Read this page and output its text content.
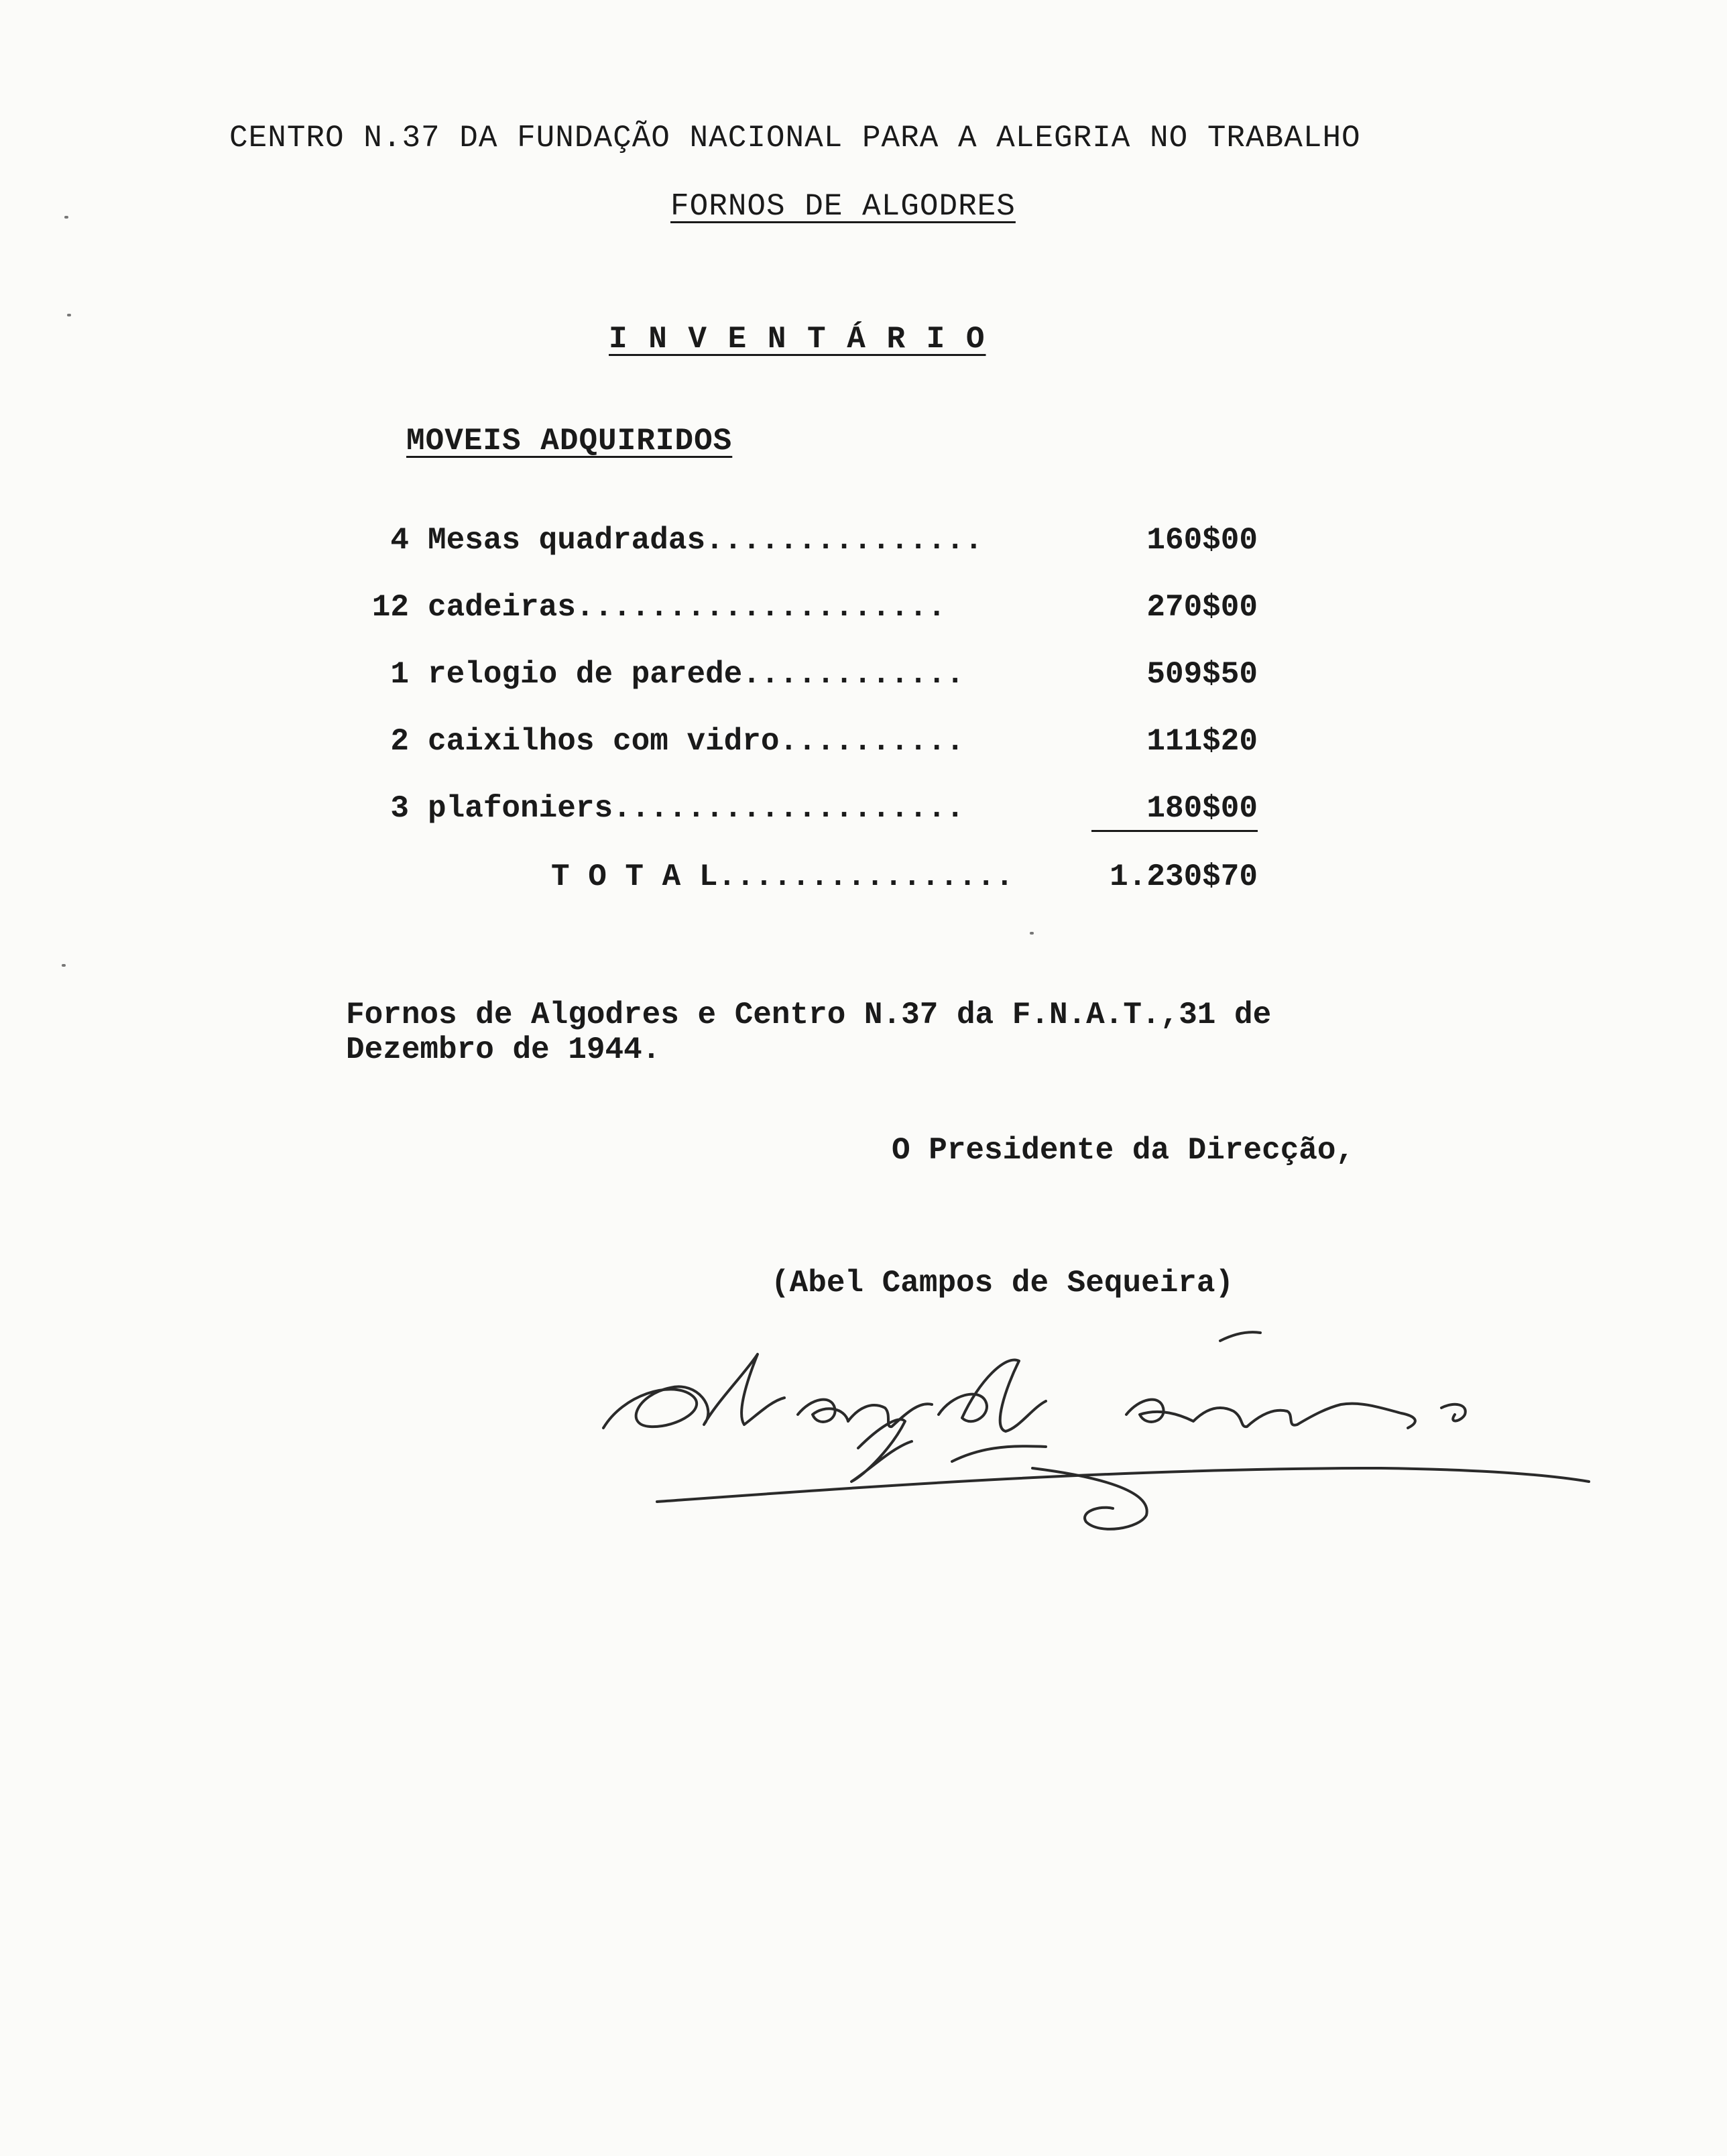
CENTRO N.37 DA FUNDAÇÃO NACIONAL PARA A ALEGRIA NO TRABALHO
FORNOS DE ALGODRES
I N V E N T Á R I O
MOVEIS ADQUIRIDOS
4 Mesas quadradas...............	160$00
12 cadeiras....................	270$00
1 relogio de parede............	509$50
2 caixilhos com vidro..........	111$20
3 plafoniers...................	180$00
T O T A L................	1.230$70
Fornos de Algodres e Centro N.37 da F.N.A.T.,31 de
Dezembro de 1944.
O Presidente da Direcção,
(Abel Campos de Sequeira)
